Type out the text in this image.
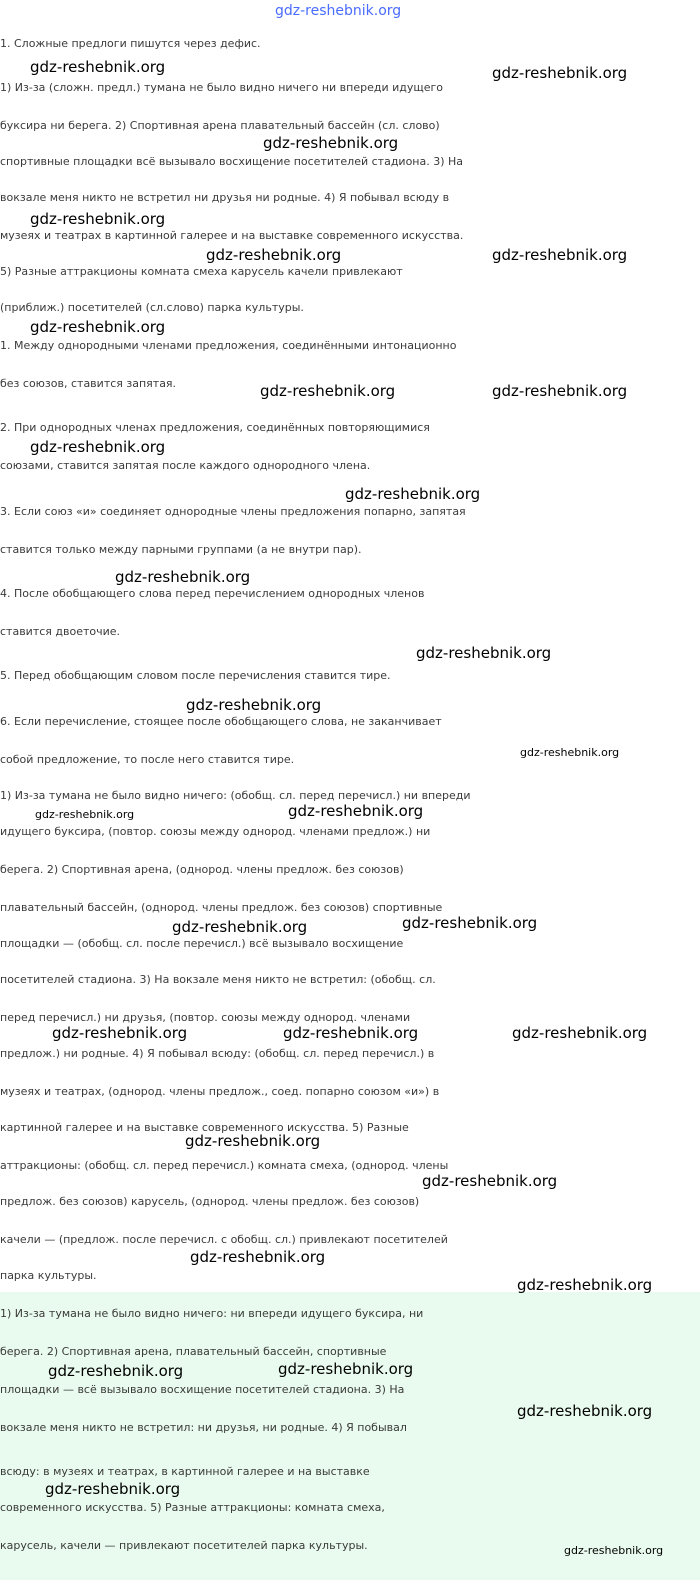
1. Сложные предлоги пишутся через дефис.
1) Из-за (сложн. предл.) тумана не было видно ничего ни впереди идущего
буксира ни берега. 2) Спортивная арена плавательный бассейн (сл. слово)
спортивные площадки всё вызывало восхищение посетителей стадиона. 3) На
вокзале меня никто не встретил ни друзья ни родные. 4) Я побывал всюду в
музеях и театрах в картинной галерее и на выставке современного искусства.
5) Разные аттракционы комната смеха карусель качели привлекают
(приближ.) посетителей (сл.слово) парка культуры.
1. Между однородными членами предложения, соединёнными интонационно
без союзов, ставится запятая.
2. При однородных членах предложения, соединённых повторяющимися
союзами, ставится запятая после каждого однородного члена.
3. Если союз «и» соединяет однородные члены предложения попарно, запятая
ставится только между парными группами (а не внутри пар).
4. После обобщающего слова перед перечислением однородных членов
ставится двоеточие.
5. Перед обобщающим словом после перечисления ставится тире.
6. Если перечисление, стоящее после обобщающего слова, не заканчивает
собой предложение, то после него ставится тире.
1) Из-за тумана не было видно ничего: (обобщ. сл. перед перечисл.) ни впереди
идущего буксира, (повтор. союзы между однород. членами предлож.) ни
берега. 2) Спортивная арена, (однород. члены предлож. без союзов)
плавательный бассейн, (однород. члены предлож. без союзов) спортивные
площадки — (обобщ. сл. после перечисл.) всё вызывало восхищение
посетителей стадиона. 3) На вокзале меня никто не встретил: (обобщ. сл.
перед перечисл.) ни друзья, (повтор. союзы между однород. членами
предлож.) ни родные. 4) Я побывал всюду: (обобщ. сл. перед перечисл.) в
музеях и театрах, (однород. члены предлож., соед. попарно союзом «и») в
картинной галерее и на выставке современного искусства. 5) Разные
аттракционы: (обобщ. сл. перед перечисл.) комната смеха, (однород. члены
предлож. без союзов) карусель, (однород. члены предлож. без союзов)
качели — (предлож. после перечисл. с обобщ. сл.) привлекают посетителей
парка культуры.
1) Из-за тумана не было видно ничего: ни впереди идущего буксира, ни
берега. 2) Спортивная арена, плавательный бассейн, спортивные
площадки — всё вызывало восхищение посетителей стадиона. 3) На
вокзале меня никто не встретил: ни друзья, ни родные. 4) Я побывал
всюду: в музеях и театрах, в картинной галерее и на выставке
современного искусства. 5) Разные аттракционы: комната смеха,
карусель, качели — привлекают посетителей парка культуры.
gdz-reshebnik.org
gdz-reshebnik.org	gdz-reshebnik.org
gdz-reshebnik.org
gdz-reshebnik.org
gdz-reshebnik.org	gdz-reshebnik.org
gdz-reshebnik.org
gdz-reshebnik.org	gdz-reshebnik.org
gdz-reshebnik.org
gdz-reshebnik.org
gdz-reshebnik.org
gdz-reshebnik.org
gdz-reshebnik.org
gdz-reshebnik.org
gdz-reshebnik.org	gdz-reshebnik.org
gdz-reshebnik.org	gdz-reshebnik.org
gdz-reshebnik.org	gdz-reshebnik.org	gdz-reshebnik.org
gdz-reshebnik.org
gdz-reshebnik.org
gdz-reshebnik.org
gdz-reshebnik.org
gdz-reshebnik.org	gdz-reshebnik.org
gdz-reshebnik.org
gdz-reshebnik.org
gdz-reshebnik.org
